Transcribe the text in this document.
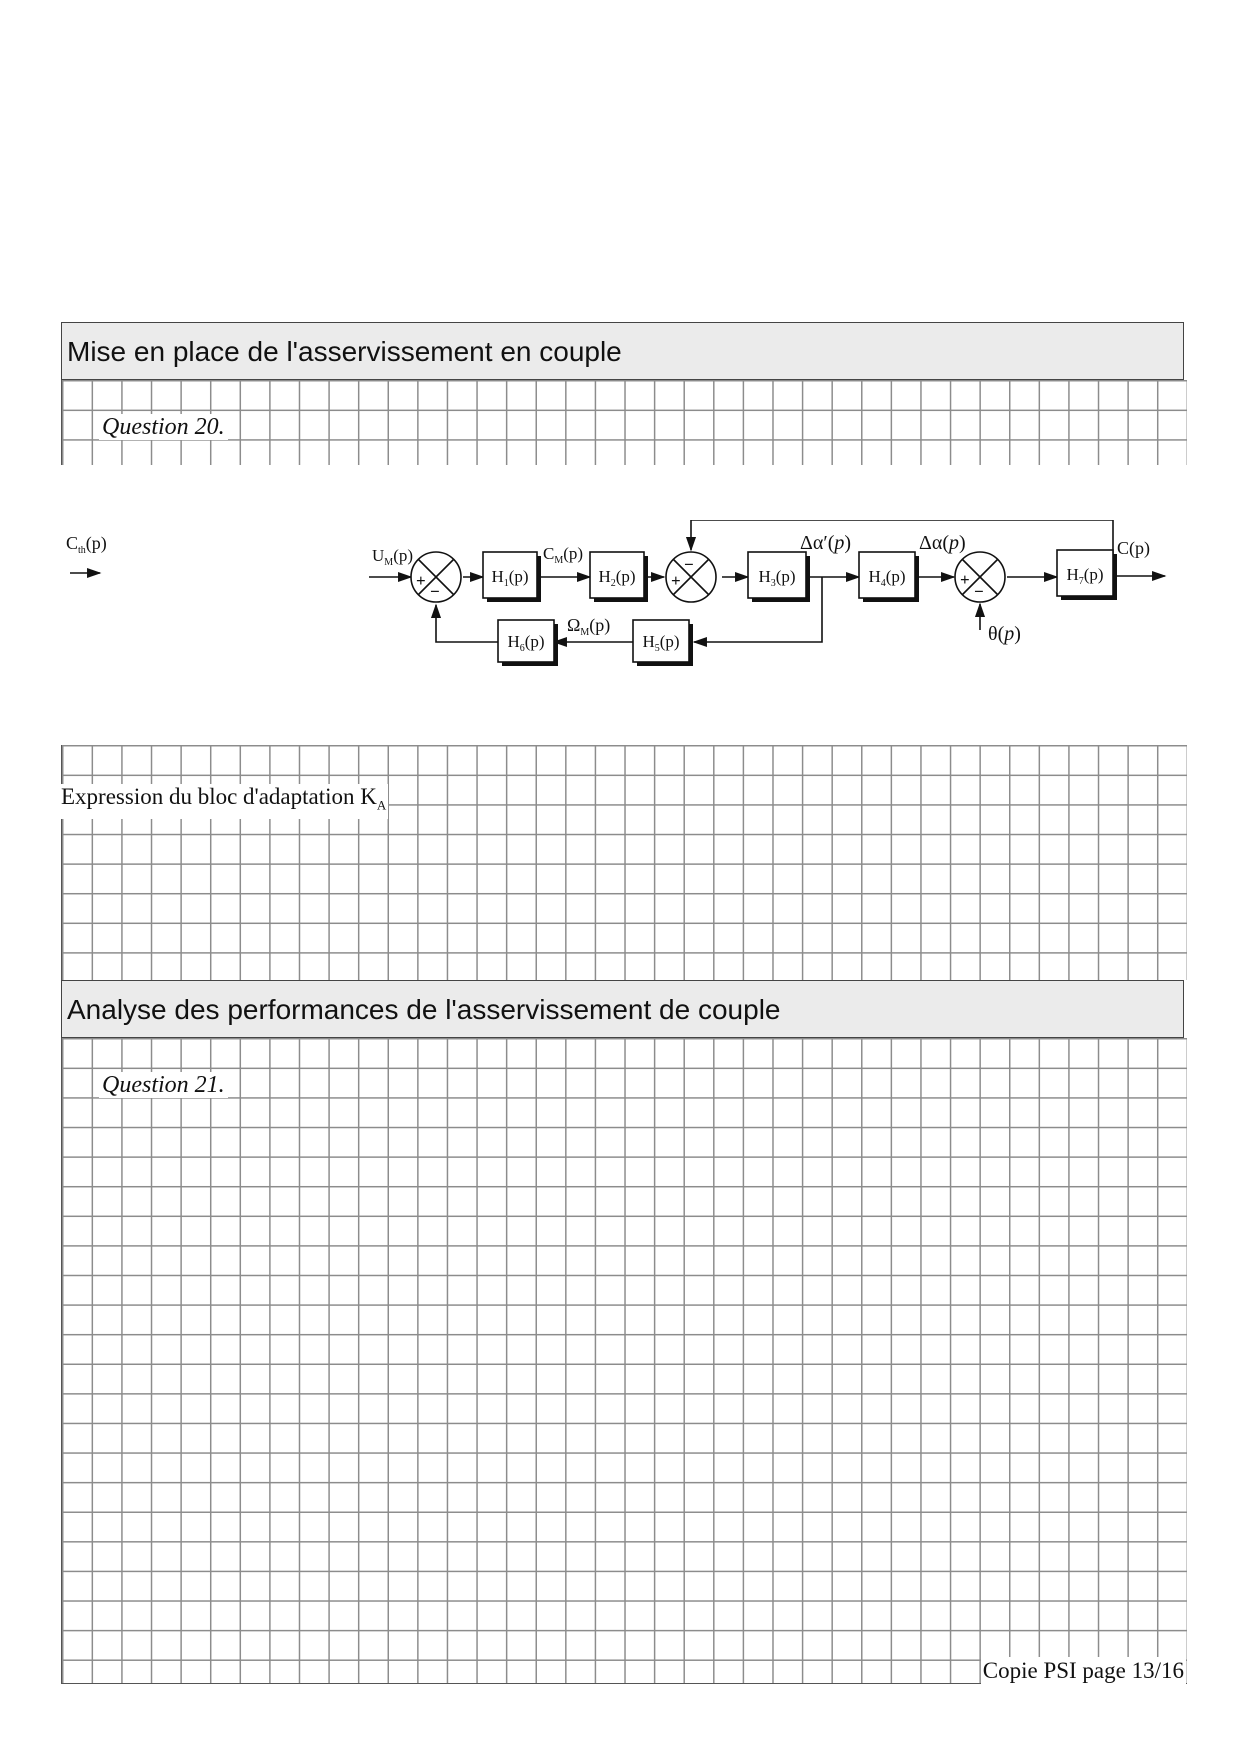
Mise en place de l'asservissement en couple
Question 20.
+
−
+
−
+
−
$H_1(p)$	$H_2(p)$	$H_3(p)$	$H_4(p)$	$H_7(p)$
$H_5(p)$
$H_6(p)$
$C_{th}(p)$
$U_M(p)$	$C_M(p)$
$\Omega_M(p)$
Δα′(p)	Δα(p)
θ(p)
C(p)
Expression du bloc d'adaptation $K_A$
Analyse des performances de l'asservissement de couple
Question 21.
Copie PSI page 13/16
